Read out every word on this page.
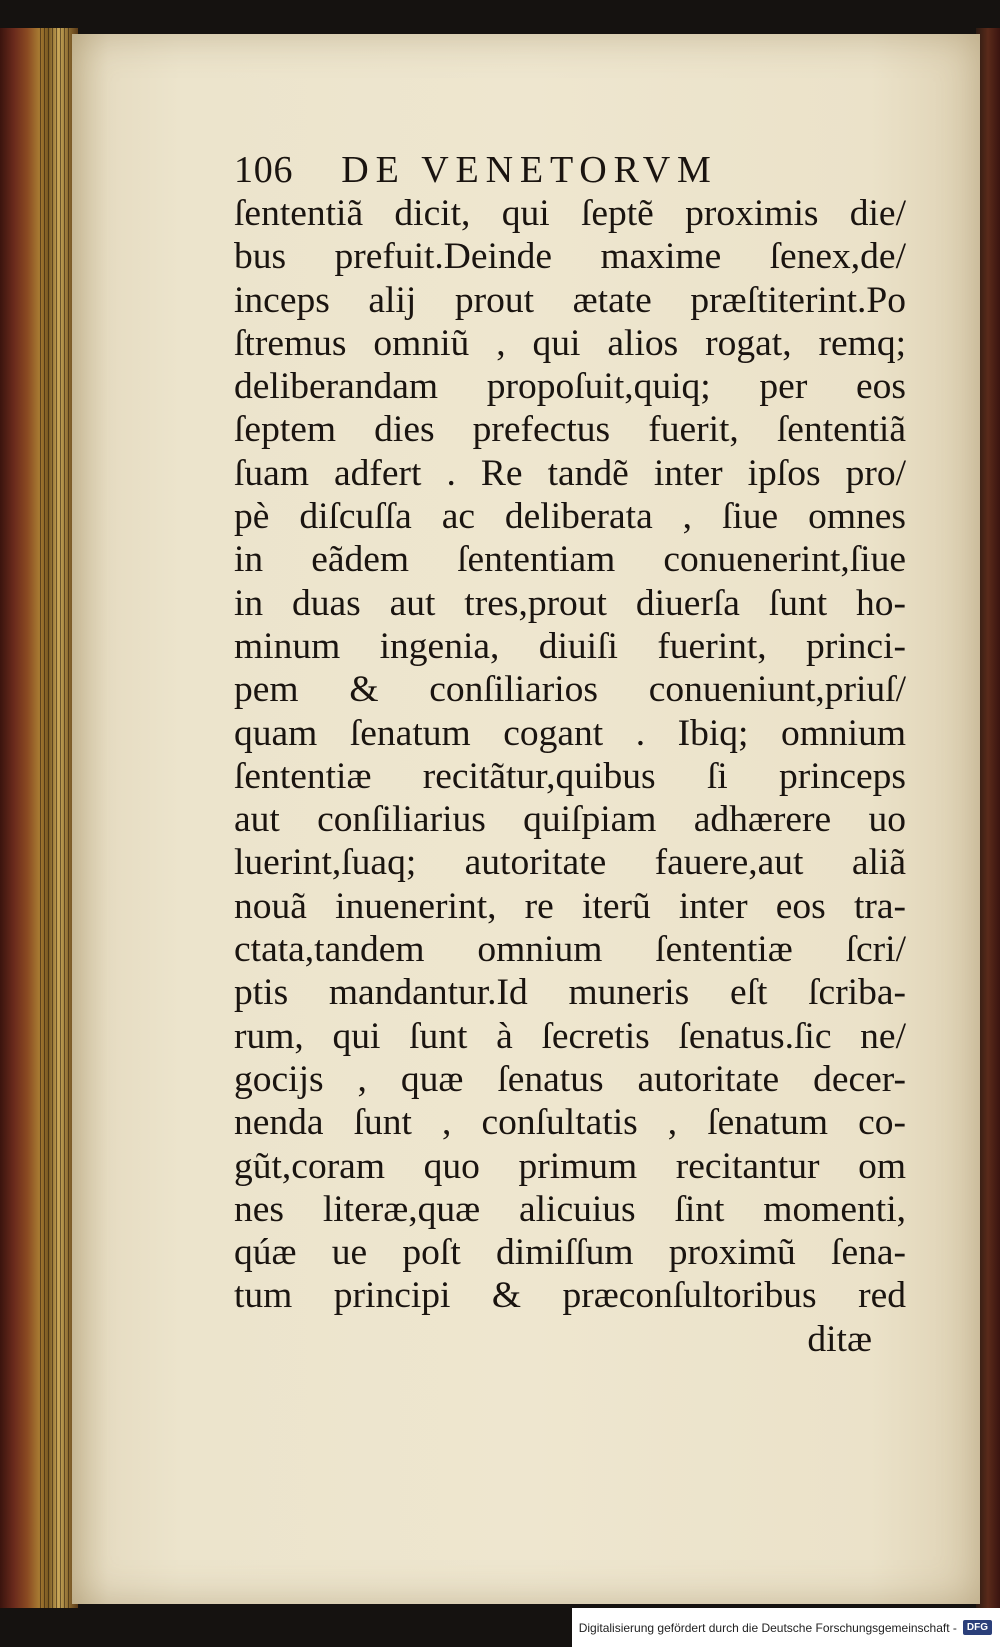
106 DE VENETORVM
ſententiã dicit, qui ſeptẽ proximis die/
bus prefuit.Deinde maxime ſenex,de/
inceps alij prout ætate præſtiterint.Po
ſtremus omniũ , qui alios rogat, remq;
deliberandam propoſuit,quiq; per eos
ſeptem dies prefectus fuerit, ſententiã
ſuam adfert . Re tandẽ inter ipſos pro/
pè diſcuſſa ac deliberata , ſiue omnes
in eãdem ſententiam conuenerint,ſiue
in duas aut tres,prout diuerſa ſunt ho-
minum ingenia, diuiſi fuerint, princi-
pem & conſiliarios conueniunt,priuſ/
quam ſenatum cogant . Ibiq; omnium
ſententiæ recitãtur,quibus ſi princeps
aut conſiliarius quiſpiam adhærere uo
luerint,ſuaq; autoritate fauere,aut aliã
nouã inuenerint, re iterũ inter eos tra-
ctata,tandem omnium ſententiæ ſcri/
ptis mandantur.Id muneris eſt ſcriba-
rum, qui ſunt à ſecretis ſenatus.ſic ne/
gocijs , quæ ſenatus autoritate decer-
nenda ſunt , conſultatis , ſenatum co-
gũt,coram quo primum recitantur om
nes literæ,quæ alicuius ſint momenti,
qúæ ue poſt dimiſſum proximũ ſena-
tum principi & præconſultoribus red
ditæ
Digitalisierung gefördert durch die Deutsche Forschungsgemeinschaft -	DFG
